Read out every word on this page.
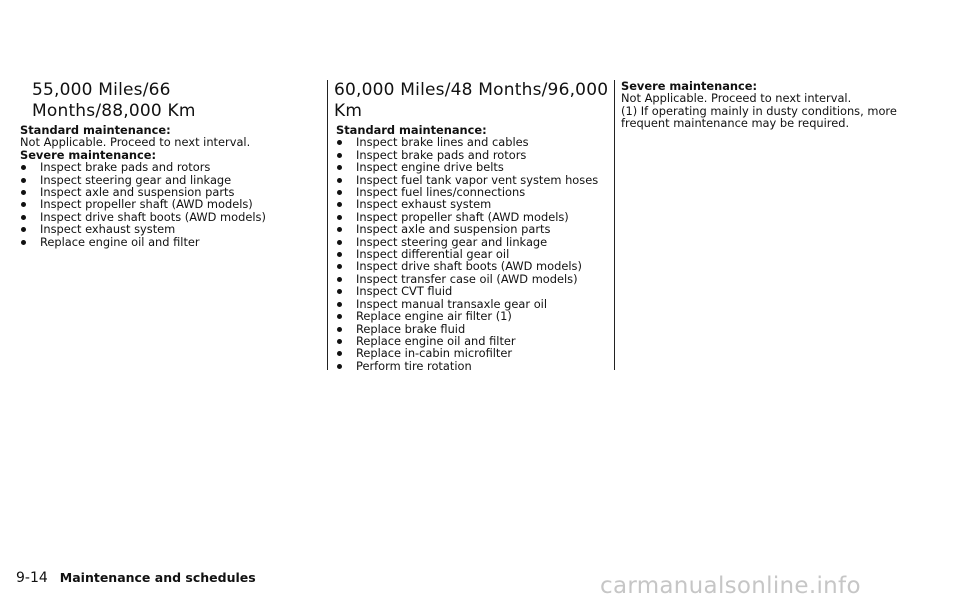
55,000 Miles/66 Months/88,000 Km
Standard maintenance:
Not Applicable. Proceed to next interval.
Severe maintenance:
Inspect brake pads and rotors
Inspect steering gear and linkage
Inspect axle and suspension parts
Inspect propeller shaft (AWD models)
Inspect drive shaft boots (AWD models)
Inspect exhaust system
Replace engine oil and filter
60,000 Miles/48 Months/96,000 Km
Standard maintenance:
Inspect brake lines and cables
Inspect brake pads and rotors
Inspect engine drive belts
Inspect fuel tank vapor vent system hoses
Inspect fuel lines/connections
Inspect exhaust system
Inspect propeller shaft (AWD models)
Inspect axle and suspension parts
Inspect steering gear and linkage
Inspect differential gear oil
Inspect drive shaft boots (AWD models)
Inspect transfer case oil (AWD models)
Inspect CVT fluid
Inspect manual transaxle gear oil
Replace engine air filter (1)
Replace brake fluid
Replace engine oil and filter
Replace in-cabin microfilter
Perform tire rotation
Severe maintenance:
Not Applicable. Proceed to next interval.
(1) If operating mainly in dusty conditions, more frequent maintenance may be required.
9-14 Maintenance and schedules	carmanualsonline.info
